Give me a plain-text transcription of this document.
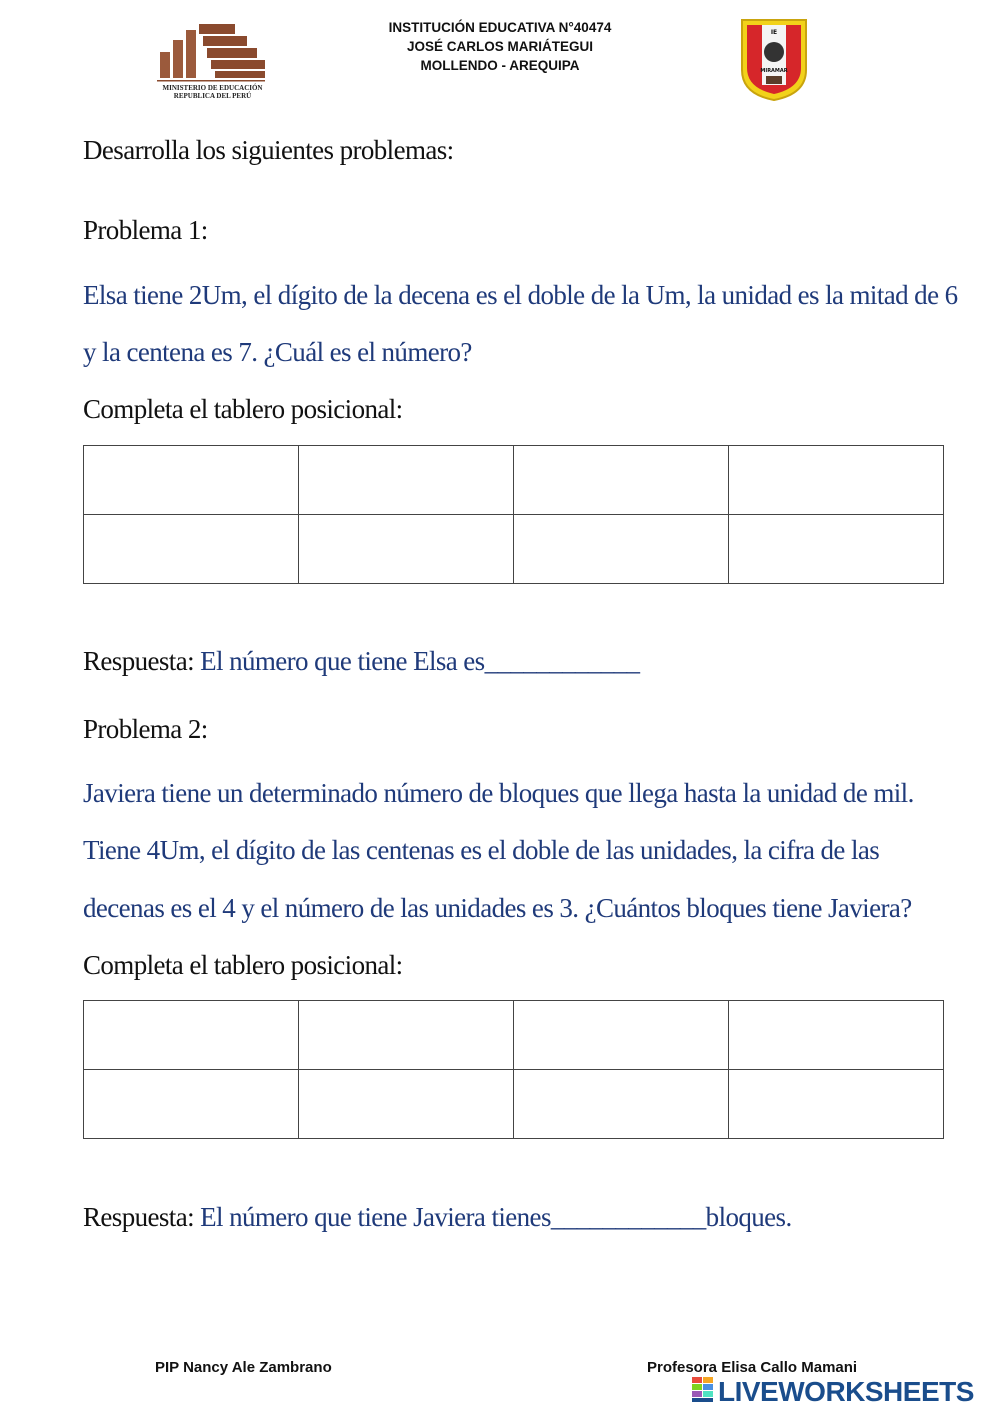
MINISTERIO DE EDUCACIÓN
REPUBLICA DEL PERÚ
INSTITUCIÓN EDUCATIVA N°40474
JOSÉ CARLOS MARIÁTEGUI
MOLLENDO - AREQUIPA
IE
MIRAMAR
Desarrolla los siguientes problemas:
Problema 1:
Elsa tiene 2Um, el dígito de la decena es el doble de la Um, la unidad es la mitad de 6
y la centena es 7. ¿Cuál es el número?
Completa el tablero posicional:

Respuesta: El número que tiene Elsa es____________
Problema 2:
Javiera tiene un determinado número de bloques que llega hasta la unidad de mil.
Tiene 4Um, el dígito de las centenas es el doble de las unidades, la cifra de las
decenas es el 4 y el número de las unidades es 3. ¿Cuántos bloques tiene Javiera?
Completa el tablero posicional:

Respuesta: El número que tiene Javiera tienes____________bloques.
PIP Nancy Ale Zambrano	Profesora Elisa Callo Mamani
LIVEWORKSHEETS
